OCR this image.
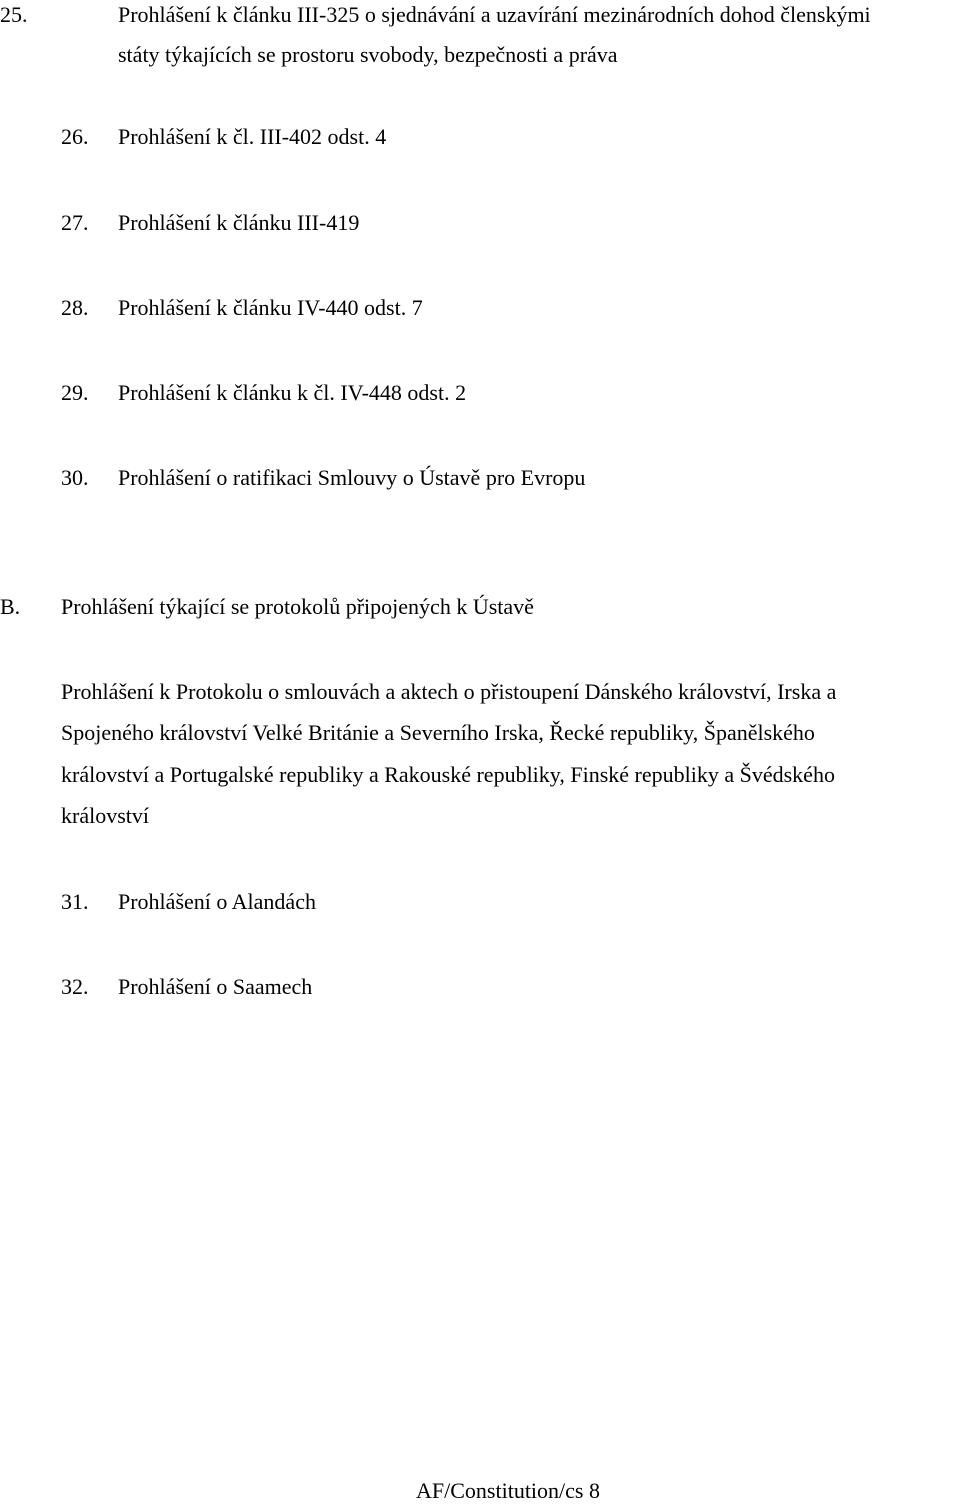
25.	Prohlášení k článku III-325 o sjednávání a uzavírání mezinárodních dohod členskými
státy týkajících se prostoru svobody, bezpečnosti a práva
26. Prohlášení k čl. III-402 odst. 4
27. Prohlášení k článku III-419
28. Prohlášení k článku IV-440 odst. 7
29. Prohlášení k článku k čl. IV-448 odst. 2
30. Prohlášení o ratifikaci Smlouvy o Ústavě pro Evropu
B. Prohlášení týkající se protokolů připojených k Ústavě
Prohlášení k Protokolu o smlouvách a aktech o přistoupení Dánského království, Irska a
Spojeného království Velké Británie a Severního Irska, Řecké republiky, Španělského
království a Portugalské republiky a Rakouské republiky, Finské republiky a Švédského
království
31. Prohlášení o Alandách
32. Prohlášení o Saamech
AF/Constitution/cs 8
